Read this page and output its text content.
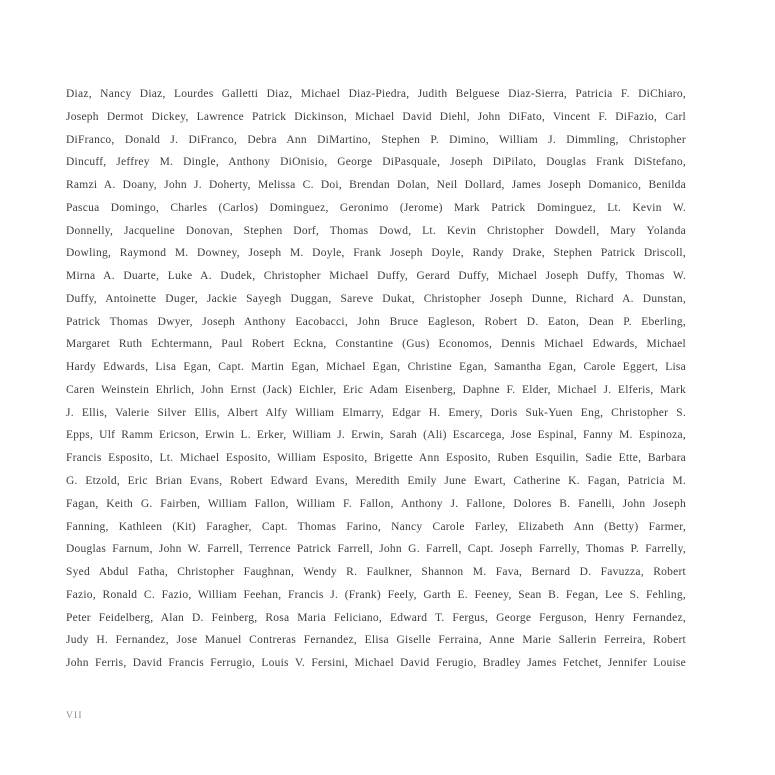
Diaz, Nancy Diaz, Lourdes Galletti Diaz, Michael Diaz-Piedra, Judith Belguese Diaz-Sierra, Patricia F. DiChiaro,
Joseph Dermot Dickey, Lawrence Patrick Dickinson, Michael David Diehl, John DiFato, Vincent F. DiFazio, Carl
DiFranco, Donald J. DiFranco, Debra Ann DiMartino, Stephen P. Dimino, William J. Dimmling, Christopher
Dincuff, Jeffrey M. Dingle, Anthony DiOnisio, George DiPasquale, Joseph DiPilato, Douglas Frank DiStefano,
Ramzi A. Doany, John J. Doherty, Melissa C. Doi, Brendan Dolan, Neil Dollard, James Joseph Domanico, Benilda
Pascua Domingo, Charles (Carlos) Dominguez, Geronimo (Jerome) Mark Patrick Dominguez, Lt. Kevin W.
Donnelly, Jacqueline Donovan, Stephen Dorf, Thomas Dowd, Lt. Kevin Christopher Dowdell, Mary Yolanda
Dowling, Raymond M. Downey, Joseph M. Doyle, Frank Joseph Doyle, Randy Drake, Stephen Patrick Driscoll,
Mirna A. Duarte, Luke A. Dudek, Christopher Michael Duffy, Gerard Duffy, Michael Joseph Duffy, Thomas W.
Duffy, Antoinette Duger, Jackie Sayegh Duggan, Sareve Dukat, Christopher Joseph Dunne, Richard A. Dunstan,
Patrick Thomas Dwyer, Joseph Anthony Eacobacci, John Bruce Eagleson, Robert D. Eaton, Dean P. Eberling,
Margaret Ruth Echtermann, Paul Robert Eckna, Constantine (Gus) Economos, Dennis Michael Edwards, Michael
Hardy Edwards, Lisa Egan, Capt. Martin Egan, Michael Egan, Christine Egan, Samantha Egan, Carole Eggert, Lisa
Caren Weinstein Ehrlich, John Ernst (Jack) Eichler, Eric Adam Eisenberg, Daphne F. Elder, Michael J. Elferis, Mark
J. Ellis, Valerie Silver Ellis, Albert Alfy William Elmarry, Edgar H. Emery, Doris Suk-Yuen Eng, Christopher S.
Epps, Ulf Ramm Ericson, Erwin L. Erker, William J. Erwin, Sarah (Ali) Escarcega, Jose Espinal, Fanny M. Espinoza,
Francis Esposito, Lt. Michael Esposito, William Esposito, Brigette Ann Esposito, Ruben Esquilin, Sadie Ette, Barbara
G. Etzold, Eric Brian Evans, Robert Edward Evans, Meredith Emily June Ewart, Catherine K. Fagan, Patricia M.
Fagan, Keith G. Fairben, William Fallon, William F. Fallon, Anthony J. Fallone, Dolores B. Fanelli, John Joseph
Fanning, Kathleen (Kit) Faragher, Capt. Thomas Farino, Nancy Carole Farley, Elizabeth Ann (Betty) Farmer,
Douglas Farnum, John W. Farrell, Terrence Patrick Farrell, John G. Farrell, Capt. Joseph Farrelly, Thomas P. Farrelly,
Syed Abdul Fatha, Christopher Faughnan, Wendy R. Faulkner, Shannon M. Fava, Bernard D. Favuzza, Robert
Fazio, Ronald C. Fazio, William Feehan, Francis J. (Frank) Feely, Garth E. Feeney, Sean B. Fegan, Lee S. Fehling,
Peter Feidelberg, Alan D. Feinberg, Rosa Maria Feliciano, Edward T. Fergus, George Ferguson, Henry Fernandez,
Judy H. Fernandez, Jose Manuel Contreras Fernandez, Elisa Giselle Ferraina, Anne Marie Sallerin Ferreira, Robert
John Ferris, David Francis Ferrugio, Louis V. Fersini, Michael David Ferugio, Bradley James Fetchet, Jennifer Louise
VII
